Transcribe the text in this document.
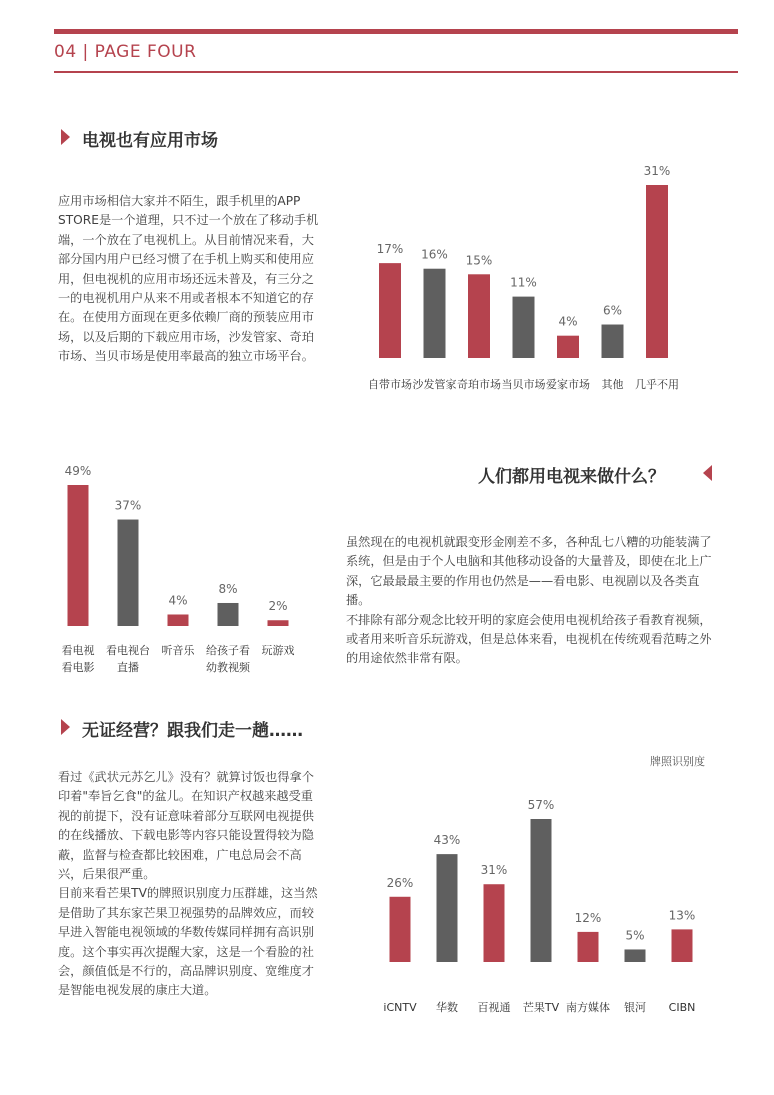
04 | PAGE FOUR
电视也有应用市场

应用市场相信大家并不陌生，跟手机里的APP STORE是一个道理，只不过一个放在了移动手机端，一个放在了电视机上。从目前情况来看，大部分国内用户已经习惯了在手机上购买和使用应用，但电视机的应用市场还远未普及，有三分之一的电视机用户从来不用或者根本不知道它的存在。在使用方面现在更多依赖厂商的预装应用市场，以及后期的下载应用市场，沙发管家、奇珀市场、当贝市场是使用率最高的独立市场平台。

17%
自带市场
16%
沙发管家
15%
奇珀市场
11%
当贝市场
4%
爱家市场
6%
其他
31%
几乎不用
49%
看电视
看电影
37%
看电视台
直播
4%
听音乐
8%
给孩子看
幼教视频
2%
玩游戏
人们都用电视来做什么？

虽然现在的电视机就跟变形金刚差不多，各种乱七八糟的功能装满了系统，但是由于个人电脑和其他移动设备的大量普及，即使在北上广深，它最最最主要的作用也仍然是——看电影、电视剧以及各类直播。

不排除有部分观念比较开明的家庭会使用电视机给孩子看教育视频，或者用来听音乐玩游戏，但是总体来看，电视机在传统观看范畴之外的用途依然非常有限。

无证经营？跟我们走一趟……

看过《武状元苏乞儿》没有？就算讨饭也得拿个印着"奉旨乞食"的盆儿。在知识产权越来越受重视的前提下，没有证意味着部分互联网电视提供的在线播放、下载电影等内容只能设置得较为隐蔽，监督与检查都比较困难，广电总局会不高兴，后果很严重。

目前来看芒果TV的牌照识别度力压群雄，这当然是借助了其东家芒果卫视强势的品牌效应，而较早进入智能电视领域的华数传媒同样拥有高识别度。这个事实再次提醒大家，这是一个看脸的社会，颜值低是不行的，高品牌识别度、宽维度才是智能电视发展的康庄大道。

牌照识别度
26%
iCNTV
43%
华数
31%
百视通
57%
芒果TV
12%
南方媒体
5%
银河
13%
CIBN
